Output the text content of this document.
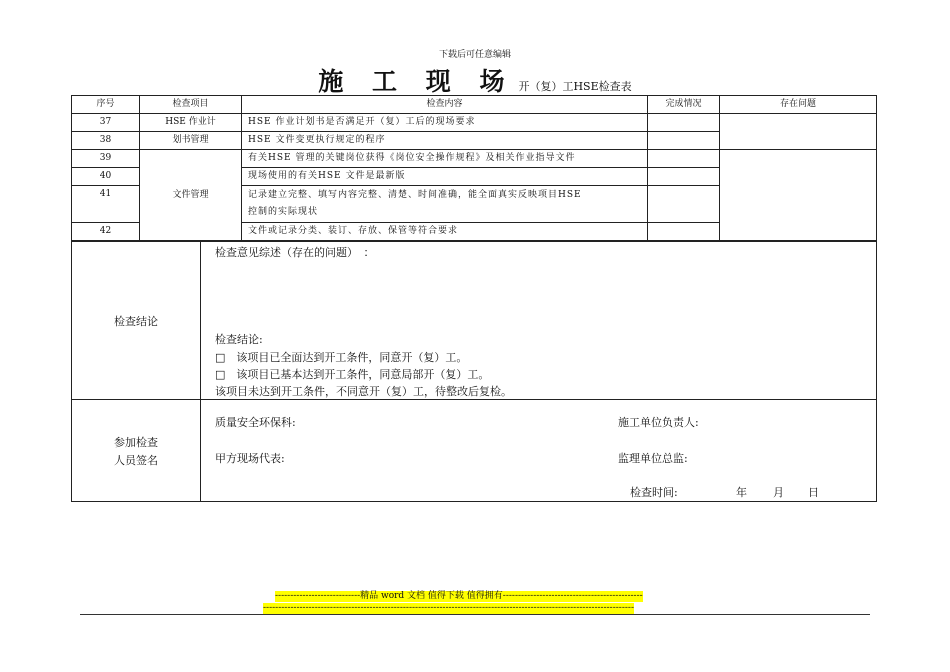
下载后可任意编辑
施 工 现 场 开（复）工HSE检查表
序号	检查项目	检查内容	完成情况	存在问题
37	HSE 作业计	HSE 作业计划书是否满足开（复）工后的现场要求		
38	划书管理	HSE 文件变更执行规定的程序		
39	文件管理	有关HSE 管理的关键岗位获得《岗位安全操作规程》及相关作业指导文件		
40		现场使用的有关HSE 文件是最新版		
41		记录建立完整、填写内容完整、清楚、时间准确，能全面真实反映项目HSE
控制的实际现状		
42		文件或记录分类、装订、存放、保管等符合要求		
检查结论
检查意见综述（存在的问题）　：
检查结论:
□　该项目已全面达到开工条件，同意开（复）工。
□　该项目已基本达到开工条件，同意局部开（复）工。
该项目未达到开工条件，不同意开（复）工，待整改后复检。
参加检查
人员签名
质量安全环保科:	施工单位负责人:
甲方现场代表:	监理单位总监:
检查时间:	年 月 日
----------------------------精品 word 文档 值得下载 值得拥有----------------------------------------------
--------------------------------------------------------------------------------------------------------------------------
